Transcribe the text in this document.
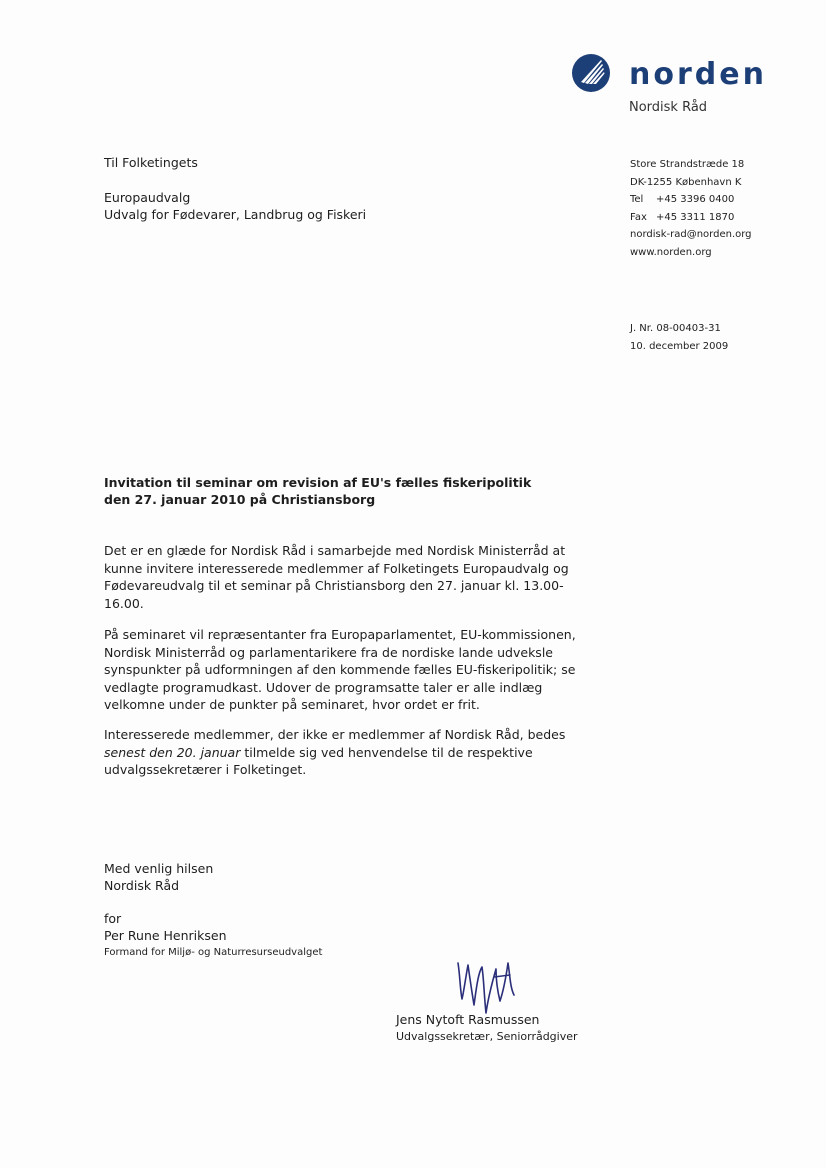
norden
Nordisk Råd
Til Folketingets
Europaudvalg
Udvalg for Fødevarer, Landbrug og Fiskeri
Store Strandstræde 18
DK-1255 København K
Tel +45 3396 0400
Fax +45 3311 1870
nordisk-rad@norden.org
www.norden.org
J. Nr. 08-00403-31
10. december 2009
Invitation til seminar om revision af EU's fælles fiskeripolitik
den 27. januar 2010 på Christiansborg
Det er en glæde for Nordisk Råd i samarbejde med Nordisk Ministerråd at kunne invitere interesserede medlemmer af Folketingets Europaudvalg og Fødevareudvalg til et seminar på Christiansborg den 27. januar kl. 13.00-16.00.
På seminaret vil repræsentanter fra Europaparlamentet, EU-kommissionen, Nordisk Ministerråd og parlamentarikere fra de nordiske lande udveksle synspunkter på udformningen af den kommende fælles EU-fiskeripolitik; se vedlagte programudkast. Udover de programsatte taler er alle indlæg velkomne under de punkter på seminaret, hvor ordet er frit.
Interesserede medlemmer, der ikke er medlemmer af Nordisk Råd, bedes senest den 20. januar tilmelde sig ved henvendelse til de respektive udvalgssekretærer i Folketinget.
Med venlig hilsen
Nordisk Råd
for
Per Rune Henriksen
Formand for Miljø- og Naturresurseudvalget
Jens Nytoft Rasmussen
Udvalgssekretær, Seniorrådgiver
